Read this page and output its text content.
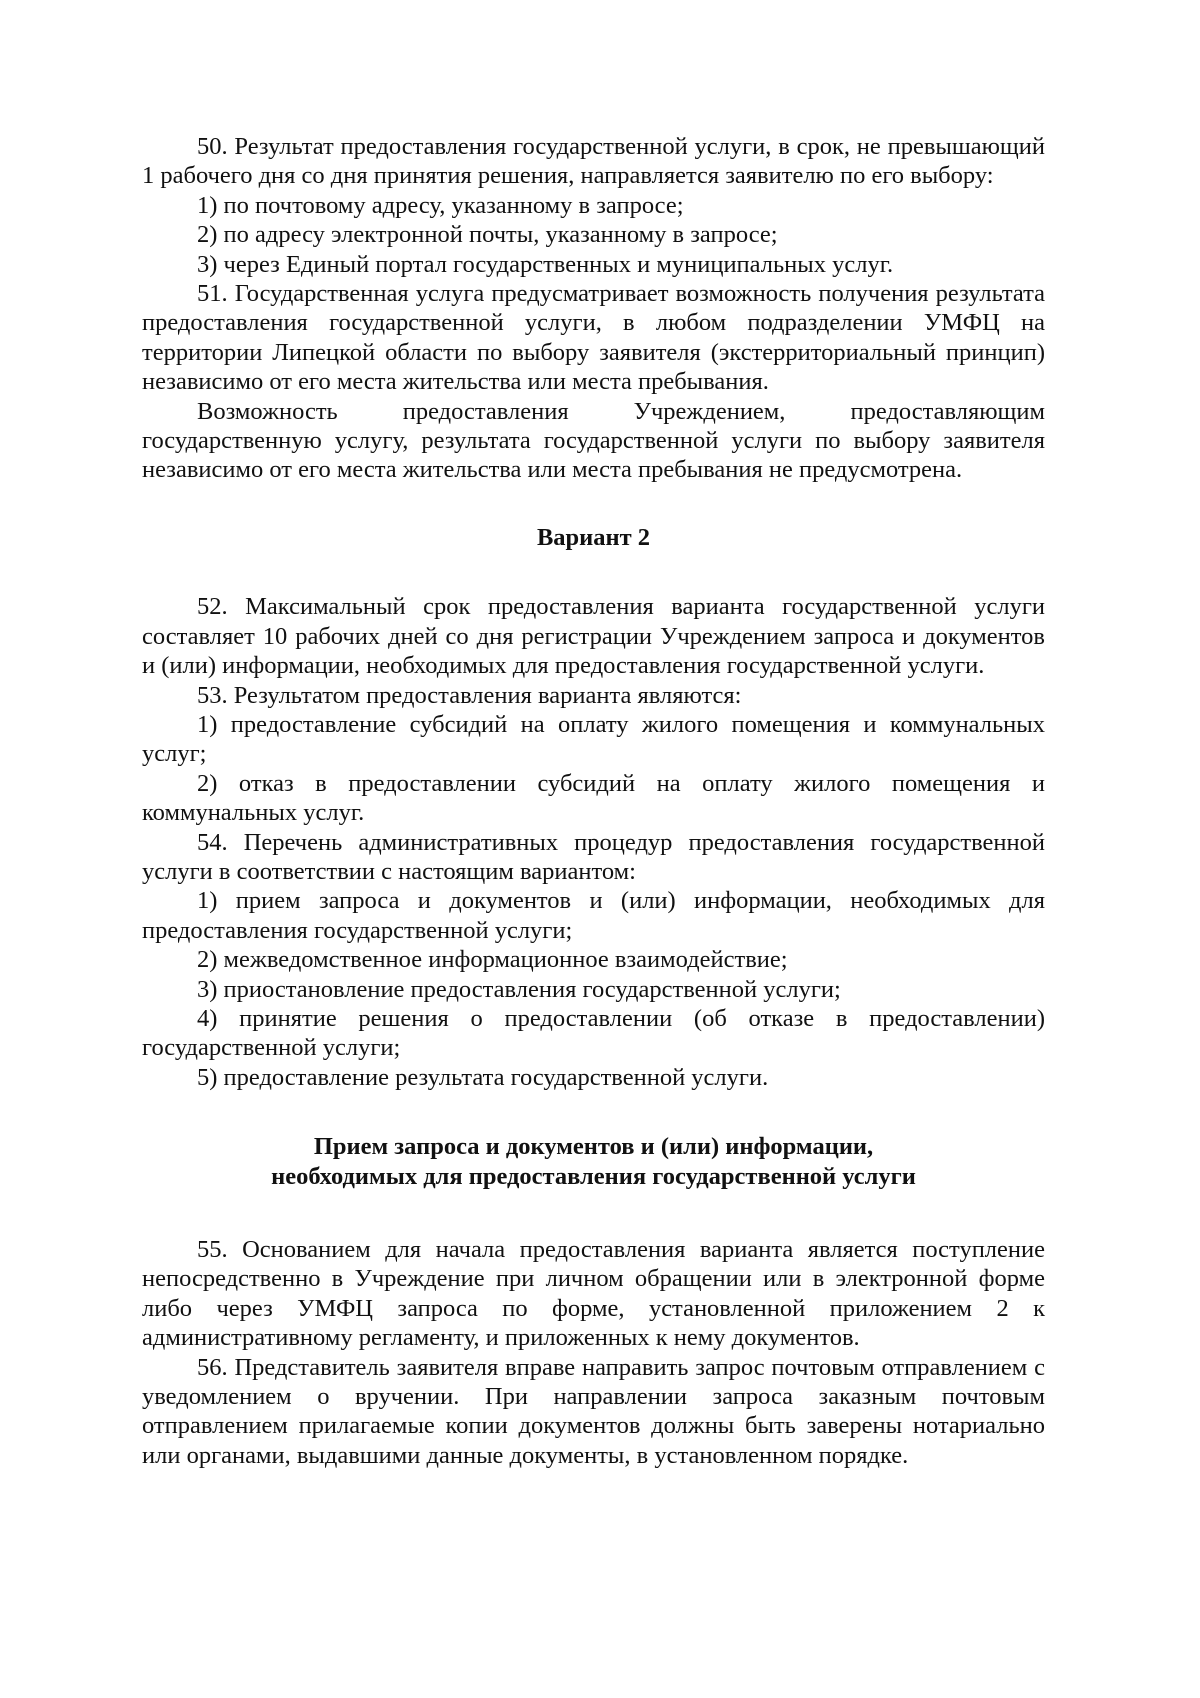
50. Результат предоставления государственной услуги, в срок, не превышающий 1 рабочего дня со дня принятия решения, направляется заявителю по его выбору:

1) по почтовому адресу, указанному в запросе;

2) по адресу электронной почты, указанному в запросе;

3) через Единый портал государственных и муниципальных услуг.

51. Государственная услуга предусматривает возможность получения результата предоставления государственной услуги, в любом подразделении УМФЦ на территории Липецкой области по выбору заявителя (экстерриториальный принцип) независимо от его места жительства или места пребывания.

Возможность предоставления Учреждением, предоставляющим государственную услугу, результата государственной услуги по выбору заявителя независимо от его места жительства или места пребывания не предусмотрена.

Вариант 2

52. Максимальный срок предоставления варианта государственной услуги составляет 10 рабочих дней со дня регистрации Учреждением запроса и документов и (или) информации, необходимых для предоставления государственной услуги.

53. Результатом предоставления варианта являются:

1) предоставление субсидий на оплату жилого помещения и коммунальных услуг;

2) отказ в предоставлении субсидий на оплату жилого помещения и коммунальных услуг.

54. Перечень административных процедур предоставления государственной услуги в соответствии с настоящим вариантом:

1) прием запроса и документов и (или) информации, необходимых для предоставления государственной услуги;

2) межведомственное информационное взаимодействие;

3) приостановление предоставления государственной услуги;

4) принятие решения о предоставлении (об отказе в предоставлении) государственной услуги;

5) предоставление результата государственной услуги.

Прием запроса и документов и (или) информации,

необходимых для предоставления государственной услуги

55. Основанием для начала предоставления варианта является поступление непосредственно в Учреждение при личном обращении или в электронной форме либо через УМФЦ запроса по форме, установленной приложением 2 к административному регламенту, и приложенных к нему документов.

56. Представитель заявителя вправе направить запрос почтовым отправлением с уведомлением о вручении. При направлении запроса заказным почтовым отправлением прилагаемые копии документов должны быть заверены нотариально или органами, выдавшими данные документы, в установленном порядке.
